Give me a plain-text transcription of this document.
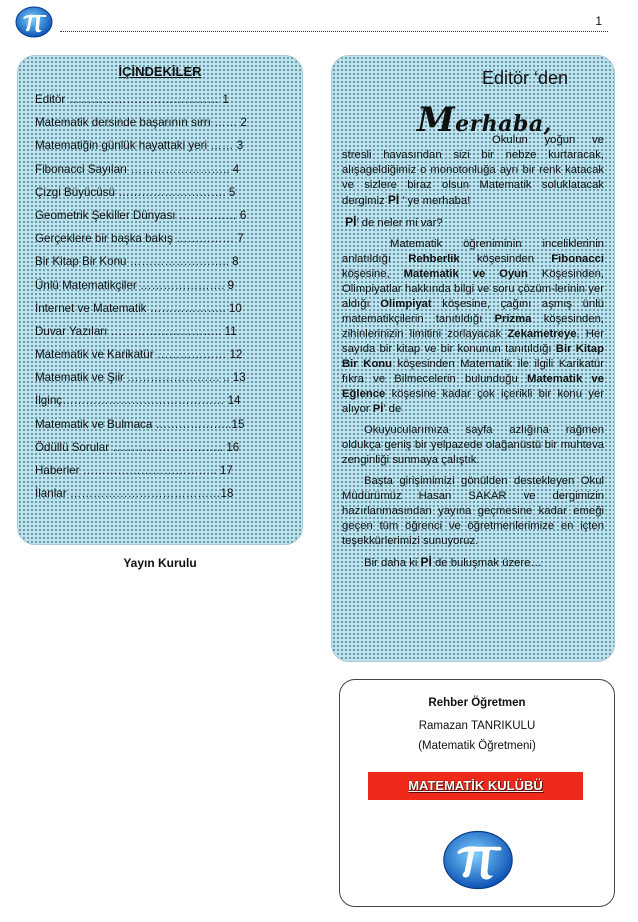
1
İÇİNDEKİLER
Editör ………………………………… 1
Matematik dersinde başarının sırrı …… 2
Matematiğin günlük hayattaki yeri …… 3
Fibonacci Sayıları …………………….. 4
Çizgi Büyücüsü ………………………. 5
Geometrik Şekiller Dünyası …………… 6
Gerçeklere bir başka bakış …………… 7
Bir Kitap Bir Konu …………………….. 8
Ünlü Matematikçiler …………………. 9
İnternet ve Matematik ……………….. 10
Duvar Yazıları ……………………….. 11
Matematik ve Karikatür ……………… 12
Matematik ve Şiir …………………… .. 13
İlginç…………………………………… 14
Matematik ve Bulmaca ………………..15
Ödüllü Sorular ……………………….. 16
Haberler …………………………….. 17
İlanlar …………………………………18
Yayın Kurulu
Editör ‘den
Merhaba,

Okulun yoğun ve stresli havasından sizi bir nebze kurtaracak, alışageldiğimiz o monotonluğa ayrı bir renk katacak ve sizlere biraz olsun Matematik soluklatacak dergimiz Pİ ’ ye merhaba!

Pİ’ de neler mi var?

Matematik öğreniminin inceliklerinin anlatıldığı Rehberlik köşesinden Fibonacci köşesine, Matematik ve Oyun Köşesinden, Olimpiyatlar hakkında bilgi ve soru çözüm-lerinin yer aldığı Olimpiyat köşesine, çağını aşmış ünlü matematikçilerin tanıtıldığı Prizma köşesinden, zihinlerinizin limitini zorlayacak Zekametreye. Her sayıda bir kitap ve bir konunun tanıtıldığı Bir Kitap Bir Konu köşesinden Matematik ile ilgili Karikatür fıkra ve Bilmecelerin bulunduğu Matematik ve Eğlence köşesine kadar çok içerikli bir konu yer alıyor Pİ’ de

Okuyucularımıza sayfa azlığına rağmen oldukça geniş bir yelpazede olağanüstü bir muhteva zenginliği sunmaya çalıştık.

Başta girişimimizi gönülden destekleyen Okul Müdürümüz Hasan SAKAR ve dergimizin hazırlanmasından yayına geçmesine kadar emeği geçen tüm öğrenci ve öğretmenlerimize en içten teşekkürlerimizi sunuyoruz.

Bir daha ki Pİ de buluşmak üzere…

Rehber Öğretmen
Ramazan TANRIKULU
(Matematik Öğretmeni)
MATEMATİK KULÜBÜ
